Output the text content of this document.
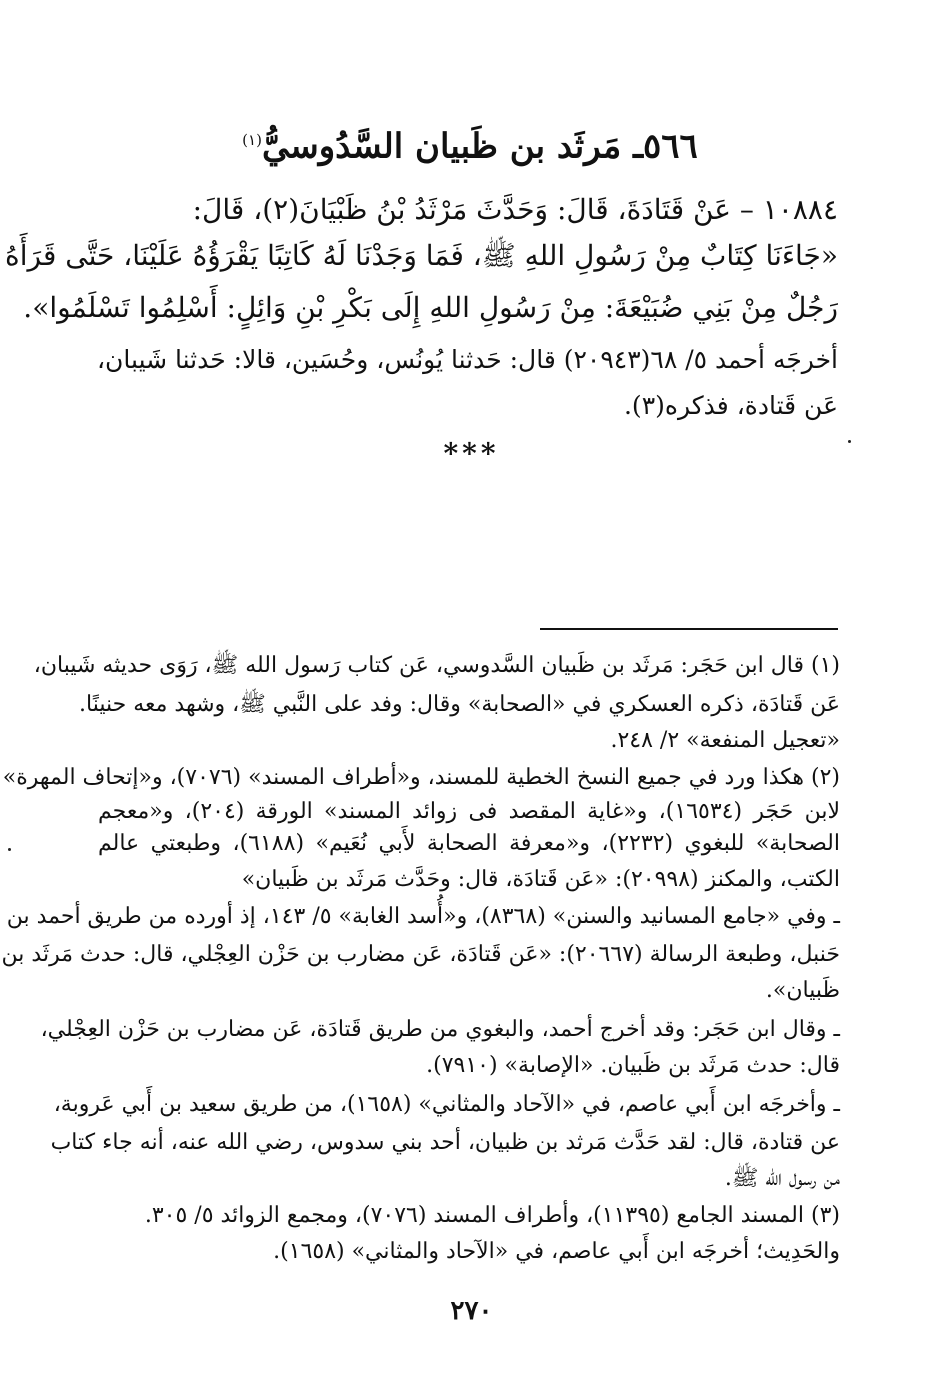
٥٦٦ـ مَرثَد بن ظَبيان السَّدُوسيُّ$^{(١)}$
١٠٨٨٤ – عَنْ قَتَادَةَ، قَالَ: وَحَدَّثَ مَرْثَدُ بْنُ ظَبْيَانَ(٢)، قَالَ:
«جَاءَنَا كِتَابٌ مِنْ رَسُولِ اللهِ ﷺ، فَمَا وَجَدْنَا لَهُ كَاتِبًا يَقْرَؤُهُ عَلَيْنَا، حَتَّى قَرَأَهُ
رَجُلٌ مِنْ بَنِي ضُبَيْعَةَ: مِنْ رَسُولِ اللهِ إِلَى بَكْرِ بْنِ وَائِلٍ: أَسْلِمُوا تَسْلَمُوا».
أخرجَه أحمد ٥/ ٦٨(٢٠٩٤٣) قال: حَدثنا يُونُس، وحُسَين، قالا: حَدثنا شَيبان،
عَن قَتادة، فذكره(٣).
***
(١) قال ابن حَجَر: مَرثَد بن ظَبيان السَّدوسي، عَن كتاب رَسول الله ﷺ، رَوَى حديثه شَيبان،
عَن قَتادَة، ذكره العسكري في «الصحابة» وقال: وفد على النَّبي ﷺ، وشهد معه حنينًا.
«تعجيل المنفعة» ٢/ ٢٤٨.
(٢) هكذا ورد في جميع النسخ الخطية للمسند، و«أطراف المسند» (٧٠٧٦)، و«إتحاف المهرة»
لابن حَجَر (١٦٥٣٤)، و«غاية المقصد فى زوائد المسند» الورقة (٢٠٤)، و«معجم
الصحابة» للبغوي (٢٢٣٢)، و«معرفة الصحابة لأَبي نُعَيم» (٦١٨٨)، وطبعتي عالم
الكتب، والمكنز (٢٠٩٩٨): «عَن قَتادَة، قال: وحَدَّث مَرثَد بن ظَبيان»
ـ وفي «جامع المسانيد والسنن» (٨٣٦٨)، و«أُسد الغابة» ٥/ ١٤٣، إذ أورده من طريق أحمد بن
حَنبل، وطبعة الرسالة (٢٠٦٦٧): «عَن قَتادَة، عَن مضارب بن حَزْن العِجْلي، قال: حدث مَرثَد بن
ظَبيان».
ـ وقال ابن حَجَر: وقد أخرج أحمد، والبغوي من طريق قَتادَة، عَن مضارب بن حَزْن العِجْلي،
قال: حدث مَرثَد بن ظَبيان. «الإصابة» (٧٩١٠).
ـ وأخرجَه ابن أَبي عاصم، في «الآحاد والمثاني» (١٦٥٨)، من طريق سعيد بن أَبي عَروبة،
عن قتادة، قال: لقد حَدَّث مَرثد بن ظبيان، أحد بني سدوس، رضي الله عنه، أنه جاء كتاب
من رسول الله ﷺ.
(٣) المسند الجامع (١١٣٩٥)، وأطراف المسند (٧٠٧٦)، ومجمع الزوائد ٥/ ٣٠٥.
والحَدِيث؛ أخرجَه ابن أَبي عاصم، في «الآحاد والمثاني» (١٦٥٨).
٢٧٠
